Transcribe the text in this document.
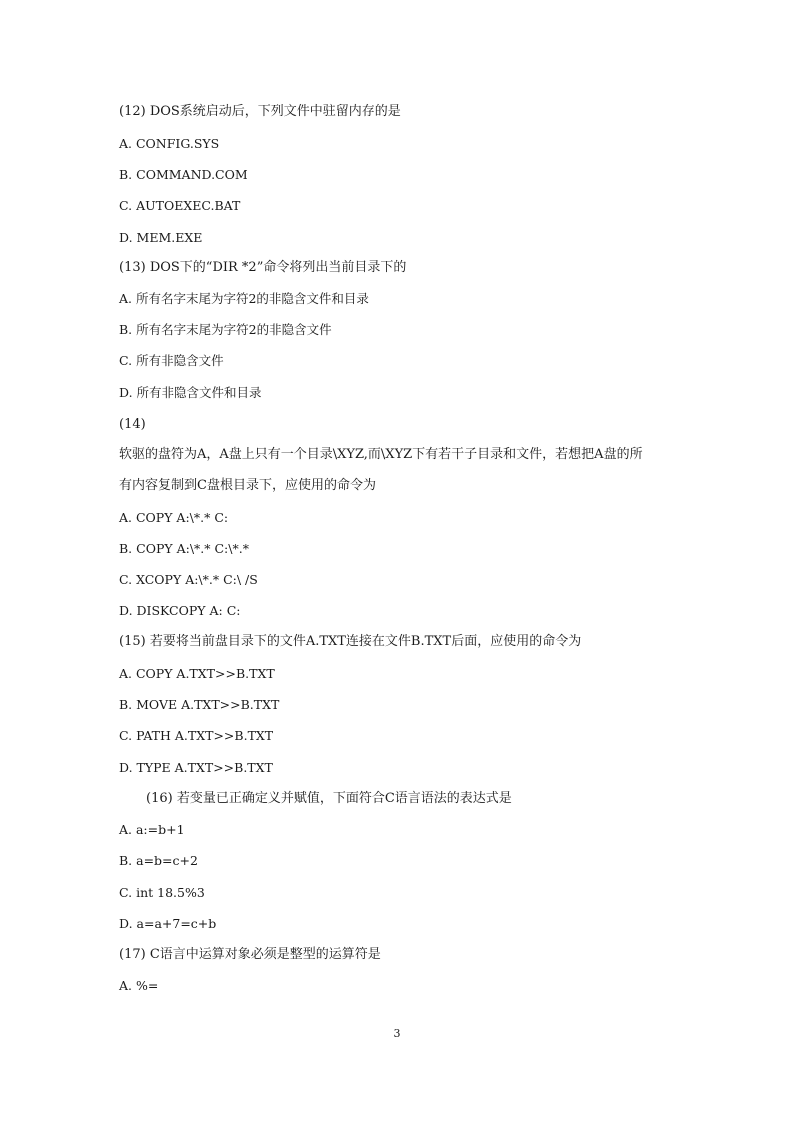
(12) DOS系统启动后，下列文件中驻留内存的是

A. CONFIG.SYS

B. COMMAND.COM

C. AUTOEXEC.BAT

D. MEM.EXE

(13) DOS下的“DIR *2”命令将列出当前目录下的

A. 所有名字末尾为字符2的非隐含文件和目录

B. 所有名字末尾为字符2的非隐含文件

C. 所有非隐含文件

D. 所有非隐含文件和目录

(14)

软驱的盘符为A，A盘上只有一个目录\XYZ,而\XYZ下有若干子目录和文件，若想把A盘的所

有内容复制到C盘根目录下，应使用的命令为

A. COPY A:\*.* C:

B. COPY A:\*.* C:\*.*

C. XCOPY A:\*.* C:\ /S

D. DISKCOPY A: C:

(15) 若要将当前盘目录下的文件A.TXT连接在文件B.TXT后面，应使用的命令为

A. COPY A.TXT>>B.TXT

B. MOVE A.TXT>>B.TXT

C. PATH A.TXT>>B.TXT

D. TYPE A.TXT>>B.TXT

(16) 若变量已正确定义并赋值，下面符合C语言语法的表达式是

A. a:=b+1

B. a=b=c+2

C. int 18.5%3

D. a=a+7=c+b

(17) C语言中运算对象必须是整型的运算符是

A. %=

3
